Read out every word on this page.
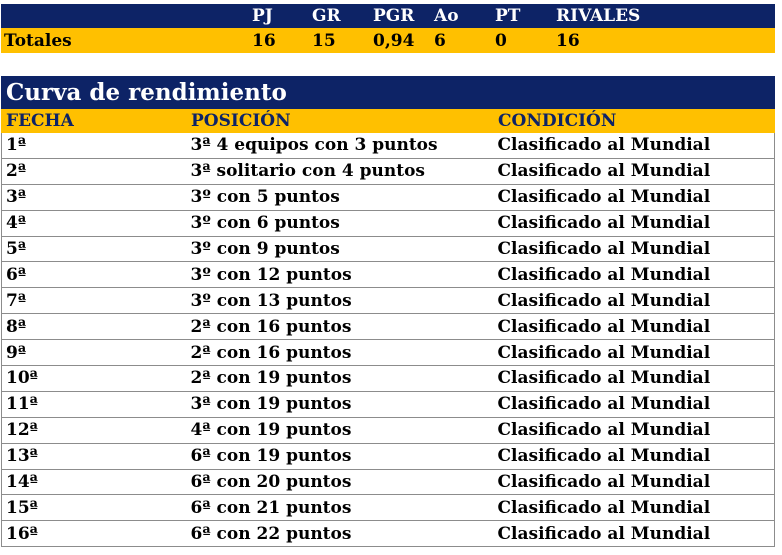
	PJ	GR	PGR	Ao	PT	RIVALES
Totales	16	15	0,94	6	0	16
Curva de rendimiento		
FECHA	POSICIÓN	CONDICIÓN
1ª	3ª 4 equipos con 3 puntos	Clasificado al Mundial
2ª	3ª solitario con 4 puntos	Clasificado al Mundial
3ª	3º con 5 puntos	Clasificado al Mundial
4ª	3º con 6 puntos	Clasificado al Mundial
5ª	3º con 9 puntos	Clasificado al Mundial
6ª	3º con 12 puntos	Clasificado al Mundial
7ª	3º con 13 puntos	Clasificado al Mundial
8ª	2ª con 16 puntos	Clasificado al Mundial
9ª	2ª con 16 puntos	Clasificado al Mundial
10ª	2ª con 19 puntos	Clasificado al Mundial
11ª	3ª con 19 puntos	Clasificado al Mundial
12ª	4ª con 19 puntos	Clasificado al Mundial
13ª	6ª con 19 puntos	Clasificado al Mundial
14ª	6ª con 20 puntos	Clasificado al Mundial
15ª	6ª con 21 puntos	Clasificado al Mundial
16ª	6ª con 22 puntos	Clasificado al Mundial
